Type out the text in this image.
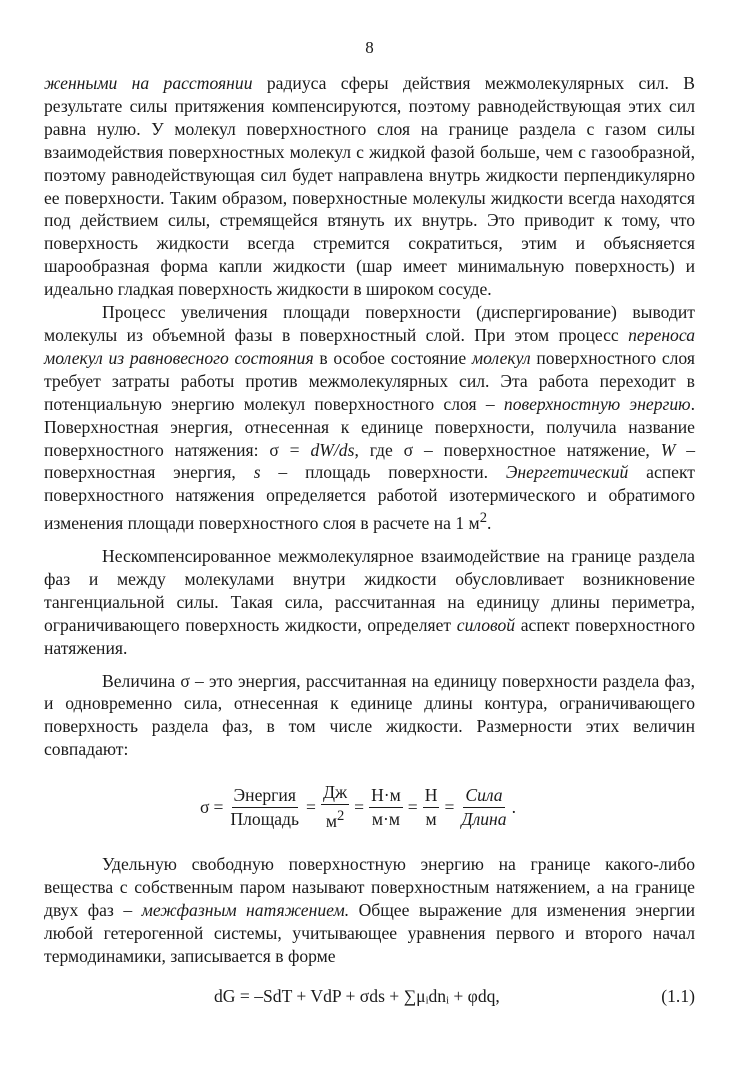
8

женными на расстоянии радиуса сферы действия межмолекулярных сил. В результате силы притяжения компенсируются, поэтому равнодействующая этих сил равна нулю. У молекул поверхностного слоя на границе раздела с газом силы взаимодействия поверхностных молекул с жидкой фазой больше, чем с газообразной, поэтому равнодействующая сил будет направлена внутрь жидкости перпендикулярно ее поверхности. Таким образом, поверхностные молекулы жидкости всегда находятся под действием силы, стремящейся втянуть их внутрь. Это приводит к тому, что поверхность жидкости всегда стремится сократиться, этим и объясняется шарообразная форма капли жидкости (шар имеет минимальную поверхность) и идеально гладкая поверхность жидкости в широком сосуде.

Процесс увеличения площади поверхности (диспергирование) выводит молекулы из объемной фазы в поверхностный слой. При этом процесс переноса молекул из равновесного состояния в особое состояние молекул поверхностного слоя требует затраты работы против межмолекулярных сил. Эта работа переходит в потенциальную энергию молекул поверхностного слоя – поверхностную энергию. Поверхностная энергия, отнесенная к единице поверхности, получила название поверхностного натяжения: σ = dW/ds, где σ – поверхностное натяжение, W – поверхностная энергия, s – площадь поверхности. Энергетический аспект поверхностного натяжения определяется работой изотермического и обратимого изменения площади поверхностного слоя в расчете на 1 $м^2$.

Нескомпенсированное межмолекулярное взаимодействие на границе раздела фаз и между молекулами внутри жидкости обусловливает возникновение тангенциальной силы. Такая сила, рассчитанная на единицу длины периметра, ограничивающего поверхность жидкости, определяет силовой аспект поверхностного натяжения.

Величина σ – это энергия, рассчитанная на единицу поверхности раздела фаз, и одновременно сила, отнесенная к единице длины контура, ограничивающего поверхность раздела фаз, в том числе жидкости. Размерности этих величин совпадают:

$\sigma = \frac{\text{Энергия}}{\text{Площадь}} = \frac{Дж}{м^2} = \frac{Н\cdot м}{м\cdot м} = \frac{Н}{м} = \frac{\text{Сила}}{\text{Длина}}$ .

Удельную свободную поверхностную энергию на границе какого-либо вещества с собственным паром называют поверхностным натяжением, а на границе двух фаз – межфазным натяжением. Общее выражение для изменения энергии любой гетерогенной системы, учитывающее уравнения первого и второго начал термодинамики, записывается в форме

dG = –SdT + VdP + σds + ∑μᵢdnᵢ + φdq,	(1.1)
